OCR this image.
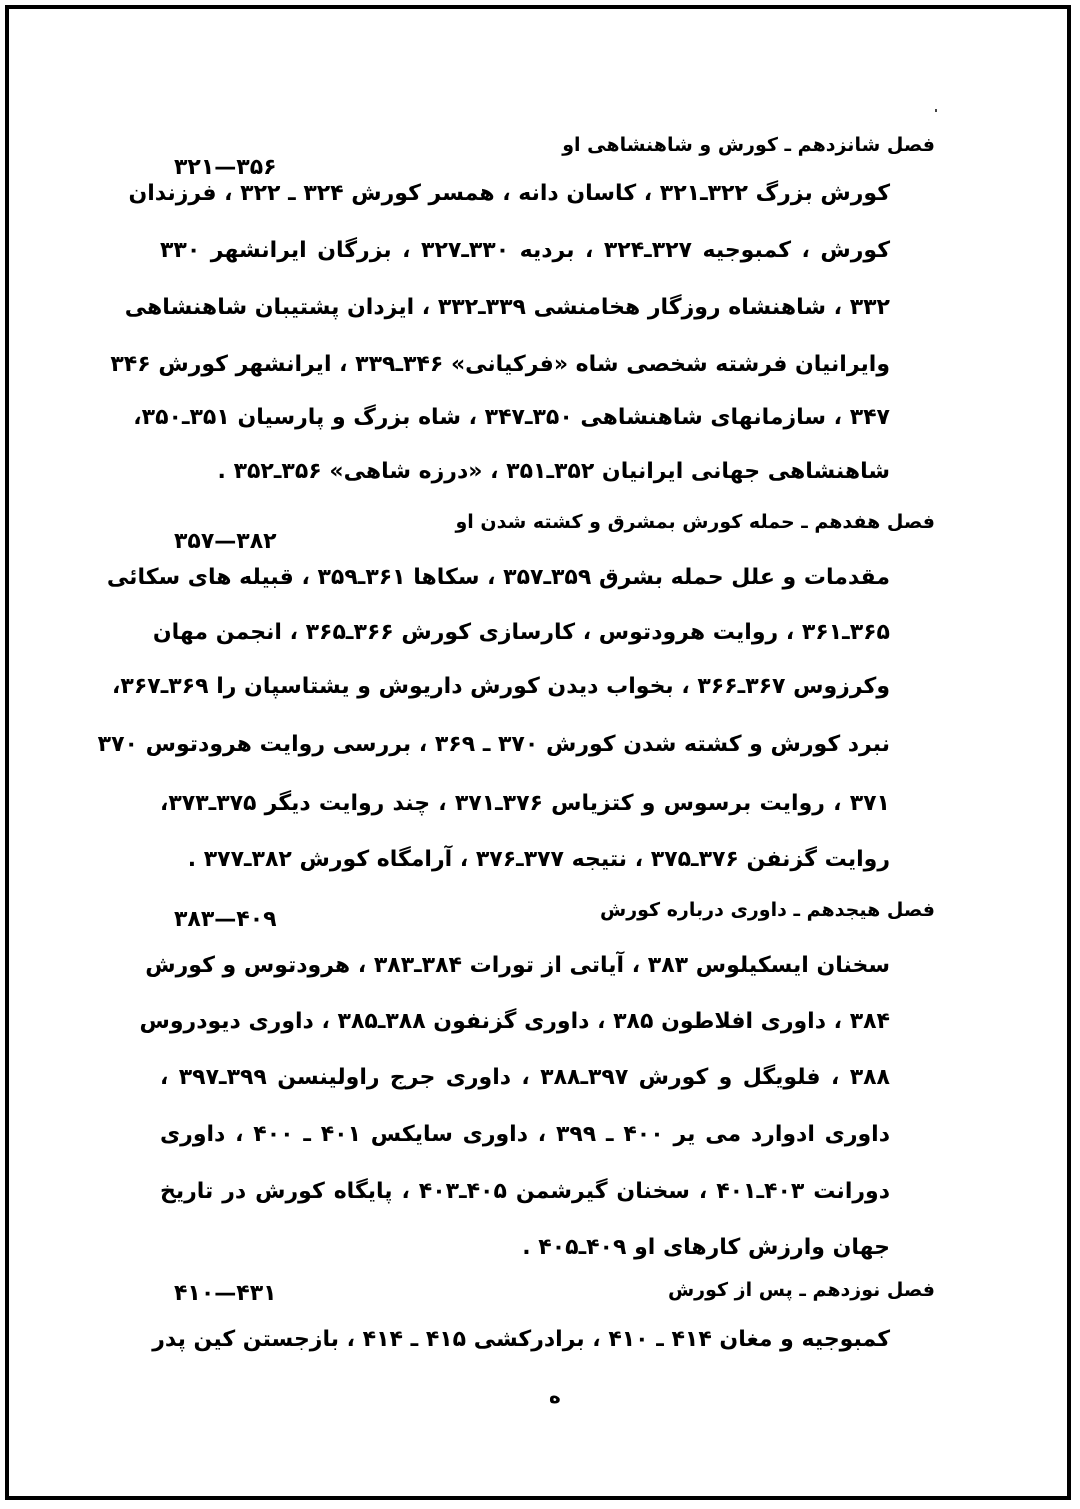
فصل شانزدهم ـ کورش و شاهنشاهی او
۳۲۱—۳۵۶
کورش بزرگ ۳۲۲ـ۳۲۱ ، کاسان دانه ، همسر کورش ۳۲۴ ـ ۳۲۲ ، فرزندان
کورش ، کمبوجیه ۳۲۷ـ۳۲۴ ، بردیه ۳۳۰ـ۳۲۷ ، بزرگان ایرانشهر ۳۳۰
۳۳۲ ، شاهنشاه روزگار هخامنشی ۳۳۹ـ۳۳۲ ، ایزدان پشتیبان شاهنشاهی
وایرانیان فرشته شخصی شاه «فرکیانی» ۳۴۶ـ۳۳۹ ، ایرانشهر کورش ۳۴۶
۳۴۷ ، سازمانهای شاهنشاهی ۳۵۰ـ۳۴۷ ، شاه بزرگ و پارسیان ۳۵۱ـ۳۵۰،
شاهنشاهی جهانی ایرانیان ۳۵۲ـ۳۵۱ ، «درزه شاهی» ۳۵۶ـ۳۵۲ .
فصل هفدهم ـ حمله کورش بمشرق و کشته شدن او
۳۵۷—۳۸۲
مقدمات و علل حمله بشرق ۳۵۹ـ۳۵۷ ، سکاها ۳۶۱ـ۳۵۹ ، قبیله های سکائی
۳۶۵ـ۳۶۱ ، روایت هرودتوس ، کارسازی کورش ۳۶۶ـ۳۶۵ ، انجمن مهان
وکرزوس ۳۶۷ـ۳۶۶ ، بخواب دیدن کورش داریوش و یشتاسپان را ۳۶۹ـ۳۶۷،
نبرد کورش و کشته شدن کورش ۳۷۰ ـ ۳۶۹ ، بررسی روایت هرودتوس ۳۷۰
۳۷۱ ، روایت برسوس و کتزیاس ۳۷۶ـ۳۷۱ ، چند روایت دیگر ۳۷۵ـ۳۷۳،
روایت گزنفن ۳۷۶ـ۳۷۵ ، نتیجه ۳۷۷ـ۳۷۶ ، آرامگاه کورش ۳۸۲ـ۳۷۷ .
فصل هیجدهم ـ داوری درباره کورش
۳۸۳—۴۰۹
سخنان ایسکیلوس ۳۸۳ ، آیاتی از تورات ۳۸۴ـ۳۸۳ ، هرودتوس و کورش
۳۸۴ ، داوری افلاطون ۳۸۵ ، داوری گزنفون ۳۸۸ـ۳۸۵ ، داوری دیودروس
۳۸۸ ، فلویگل و کورش ۳۹۷ـ۳۸۸ ، داوری جرج راولینسن ۳۹۹ـ۳۹۷ ،
داوری ادوارد می یر ۴۰۰ ـ ۳۹۹ ، داوری سایکس ۴۰۱ ـ ۴۰۰ ، داوری
دورانت ۴۰۳ـ۴۰۱ ، سخنان گیرشمن ۴۰۵ـ۴۰۳ ، پایگاه کورش در تاریخ
جهان وارزش کارهای او ۴۰۹ـ۴۰۵ .
فصل نوزدهم ـ پس از کورش
۴۱۰—۴۳۱
کمبوجیه و مغان ۴۱۴ ـ ۴۱۰ ، برادرکشی ۴۱۵ ـ ۴۱۴ ، بازجستن کین پدر
ه
